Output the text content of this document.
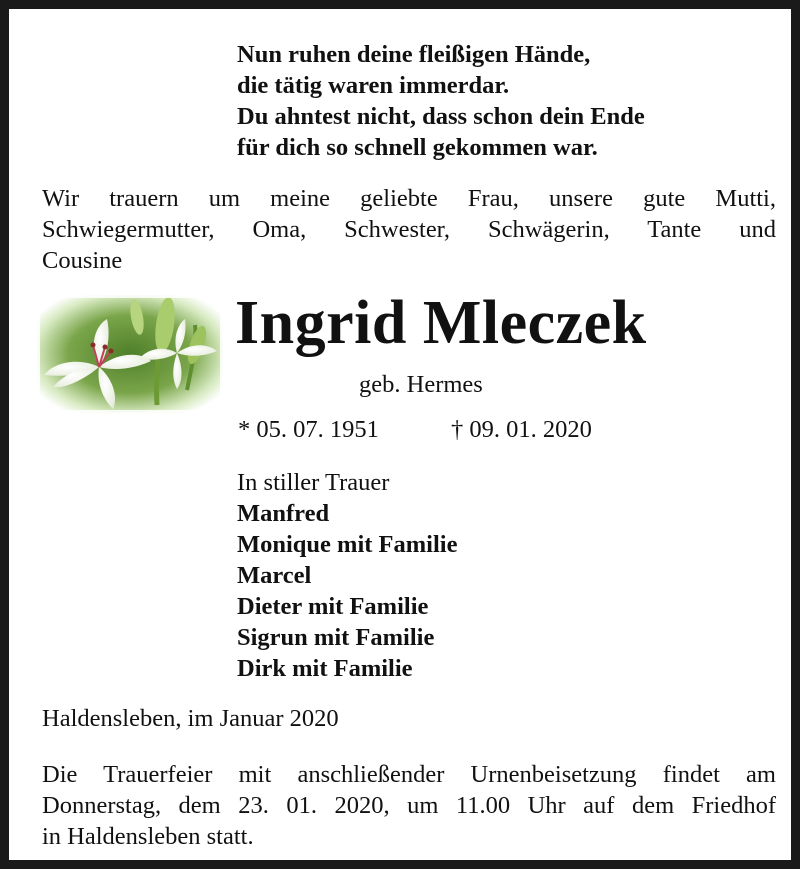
Nun ruhen deine fleißigen Hände,
die tätig waren immerdar.
Du ahntest nicht, dass schon dein Ende
für dich so schnell gekommen war.
Wir trauern um meine geliebte Frau, unsere gute Mutti,
Schwiegermutter, Oma, Schwester, Schwägerin, Tante und
Cousine
Ingrid Mleczek
geb. Hermes
* 05. 07. 1951	† 09. 01. 2020
In stiller Trauer
Manfred
Monique mit Familie
Marcel
Dieter mit Familie
Sigrun mit Familie
Dirk mit Familie
Haldensleben, im Januar 2020
Die Trauerfeier mit anschließender Urnenbeisetzung findet am
Donnerstag, dem 23. 01. 2020, um 11.00 Uhr auf dem Friedhof
in Haldensleben statt.
